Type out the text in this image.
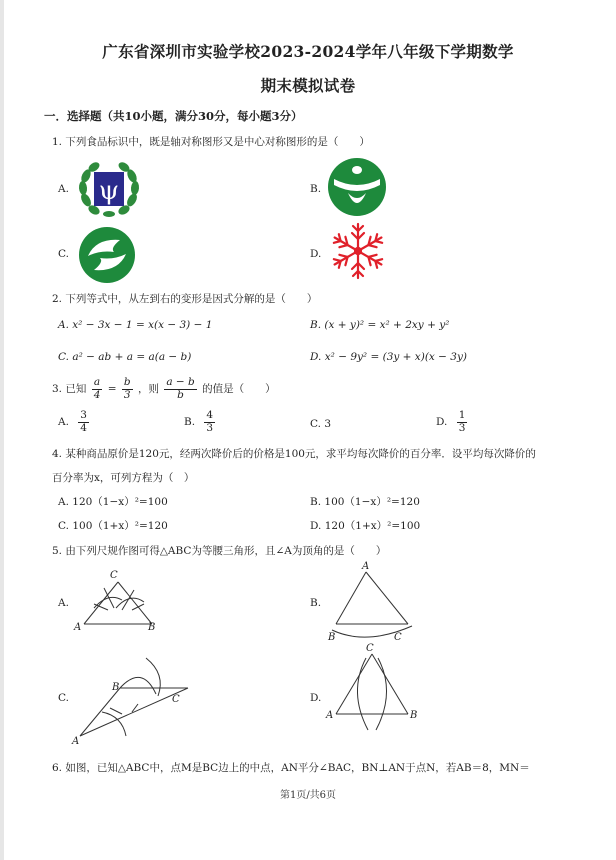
广东省深圳市实验学校2023-2024学年八年级下学期数学
期末模拟试卷
一．选择题（共10小题，满分30分，每小题3分）
1. 下列食品标识中，既是轴对称图形又是中心对称图形的是（　　）
A. ψ	B.
C.	D.
2. 下列等式中，从左到右的变形是因式分解的是（　　）
A. x² − 3x − 1 = x(x − 3) − 1	B. (x + y)² = x² + 2xy + y²
C. a² − ab + a = a(a − b)	D. x² − 9y² = (3y + x)(x − 3y)
3. 已知 $\frac{a}{4} = \frac{b}{3}$ ，则 $\frac{a - b}{b}$ 的值是（　　）
A. $\frac{3}{4}$	B. $\frac{4}{3}$	C. 3	D. $\frac{1}{3}$
4. 某种商品原价是120元，经两次降价后的价格是100元，求平均每次降价的百分率．设平均每次降价的
百分率为x，可列方程为（　）
A. 120（1−x）²=100	B. 100（1−x）²=120
C. 100（1+x）²=120	D. 120（1+x）²=100
5. 由下列尺规作图可得△ABC为等腰三角形，且∠A为顶角的是（　　）
A.
C
A	B
B.
A
B	C
C.
B
C
A
D.
C
A	B
6. 如图，已知△ABC中，点M是BC边上的中点，AN平分∠BAC，BN⊥AN于点N，若AB＝8，MN＝
第1页/共6页
